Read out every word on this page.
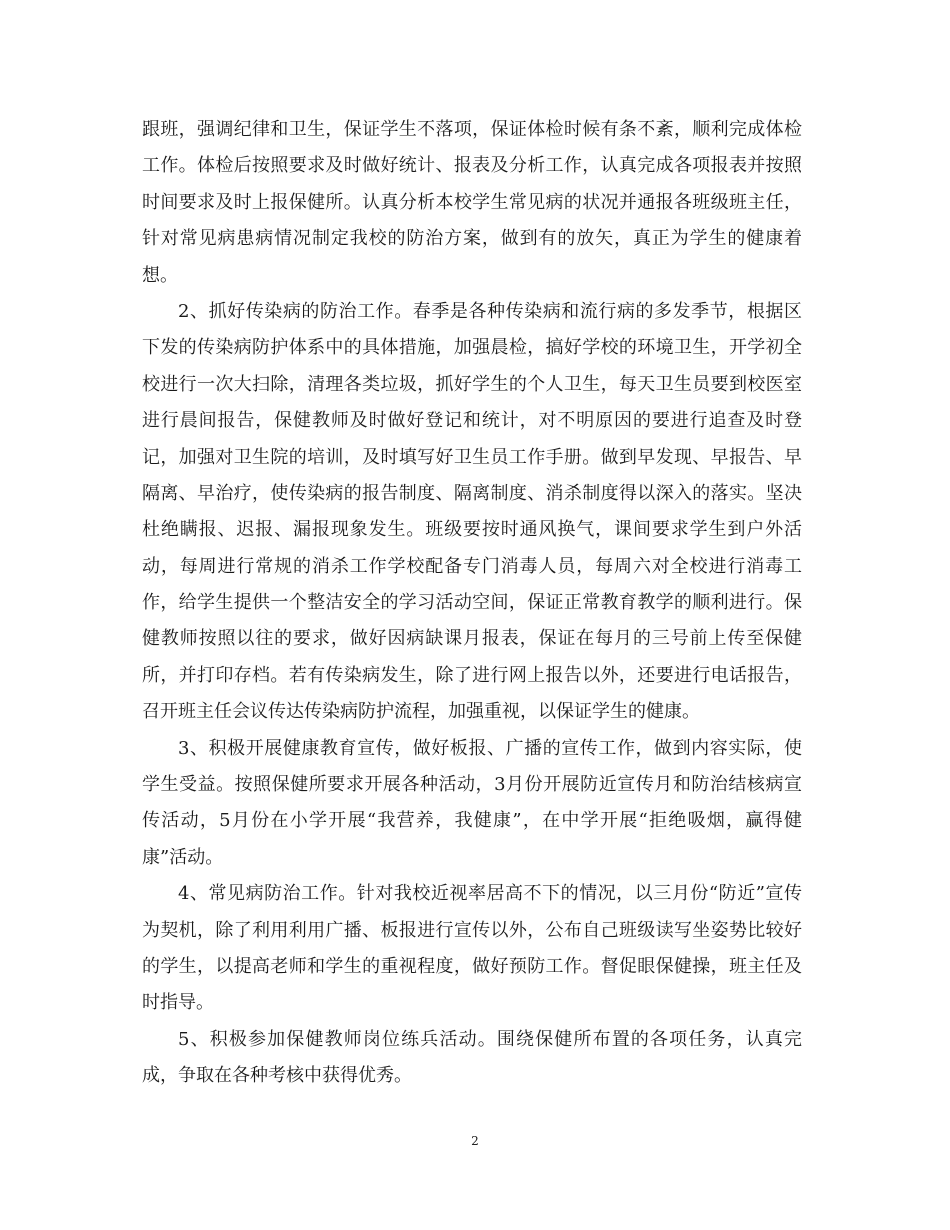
跟班，强调纪律和卫生，保证学生不落项，保证体检时候有条不紊，顺利完成体检
工作。体检后按照要求及时做好统计、报表及分析工作，认真完成各项报表并按照
时间要求及时上报保健所。认真分析本校学生常见病的状况并通报各班级班主任，
针对常见病患病情况制定我校的防治方案，做到有的放矢，真正为学生的健康着
想。
2、抓好传染病的防治工作。春季是各种传染病和流行病的多发季节，根据区
下发的传染病防护体系中的具体措施，加强晨检，搞好学校的环境卫生，开学初全
校进行一次大扫除，清理各类垃圾，抓好学生的个人卫生，每天卫生员要到校医室
进行晨间报告，保健教师及时做好登记和统计，对不明原因的要进行追查及时登
记，加强对卫生院的培训，及时填写好卫生员工作手册。做到早发现、早报告、早
隔离、早治疗，使传染病的报告制度、隔离制度、消杀制度得以深入的落实。坚决
杜绝瞒报、迟报、漏报现象发生。班级要按时通风换气，课间要求学生到户外活
动，每周进行常规的消杀工作学校配备专门消毒人员，每周六对全校进行消毒工
作，给学生提供一个整洁安全的学习活动空间，保证正常教育教学的顺利进行。保
健教师按照以往的要求，做好因病缺课月报表，保证在每月的三号前上传至保健
所，并打印存档。若有传染病发生，除了进行网上报告以外，还要进行电话报告，
召开班主任会议传达传染病防护流程，加强重视，以保证学生的健康。
3、积极开展健康教育宣传，做好板报、广播的宣传工作，做到内容实际，使
学生受益。按照保健所要求开展各种活动，3月份开展防近宣传月和防治结核病宣
传活动，5月份在小学开展“我营养，我健康”，在中学开展“拒绝吸烟，赢得健
康”活动。
4、常见病防治工作。针对我校近视率居高不下的情况，以三月份“防近”宣传
为契机，除了利用利用广播、板报进行宣传以外，公布自己班级读写坐姿势比较好
的学生，以提高老师和学生的重视程度，做好预防工作。督促眼保健操，班主任及
时指导。
5、积极参加保健教师岗位练兵活动。围绕保健所布置的各项任务，认真完
成，争取在各种考核中获得优秀。
2
